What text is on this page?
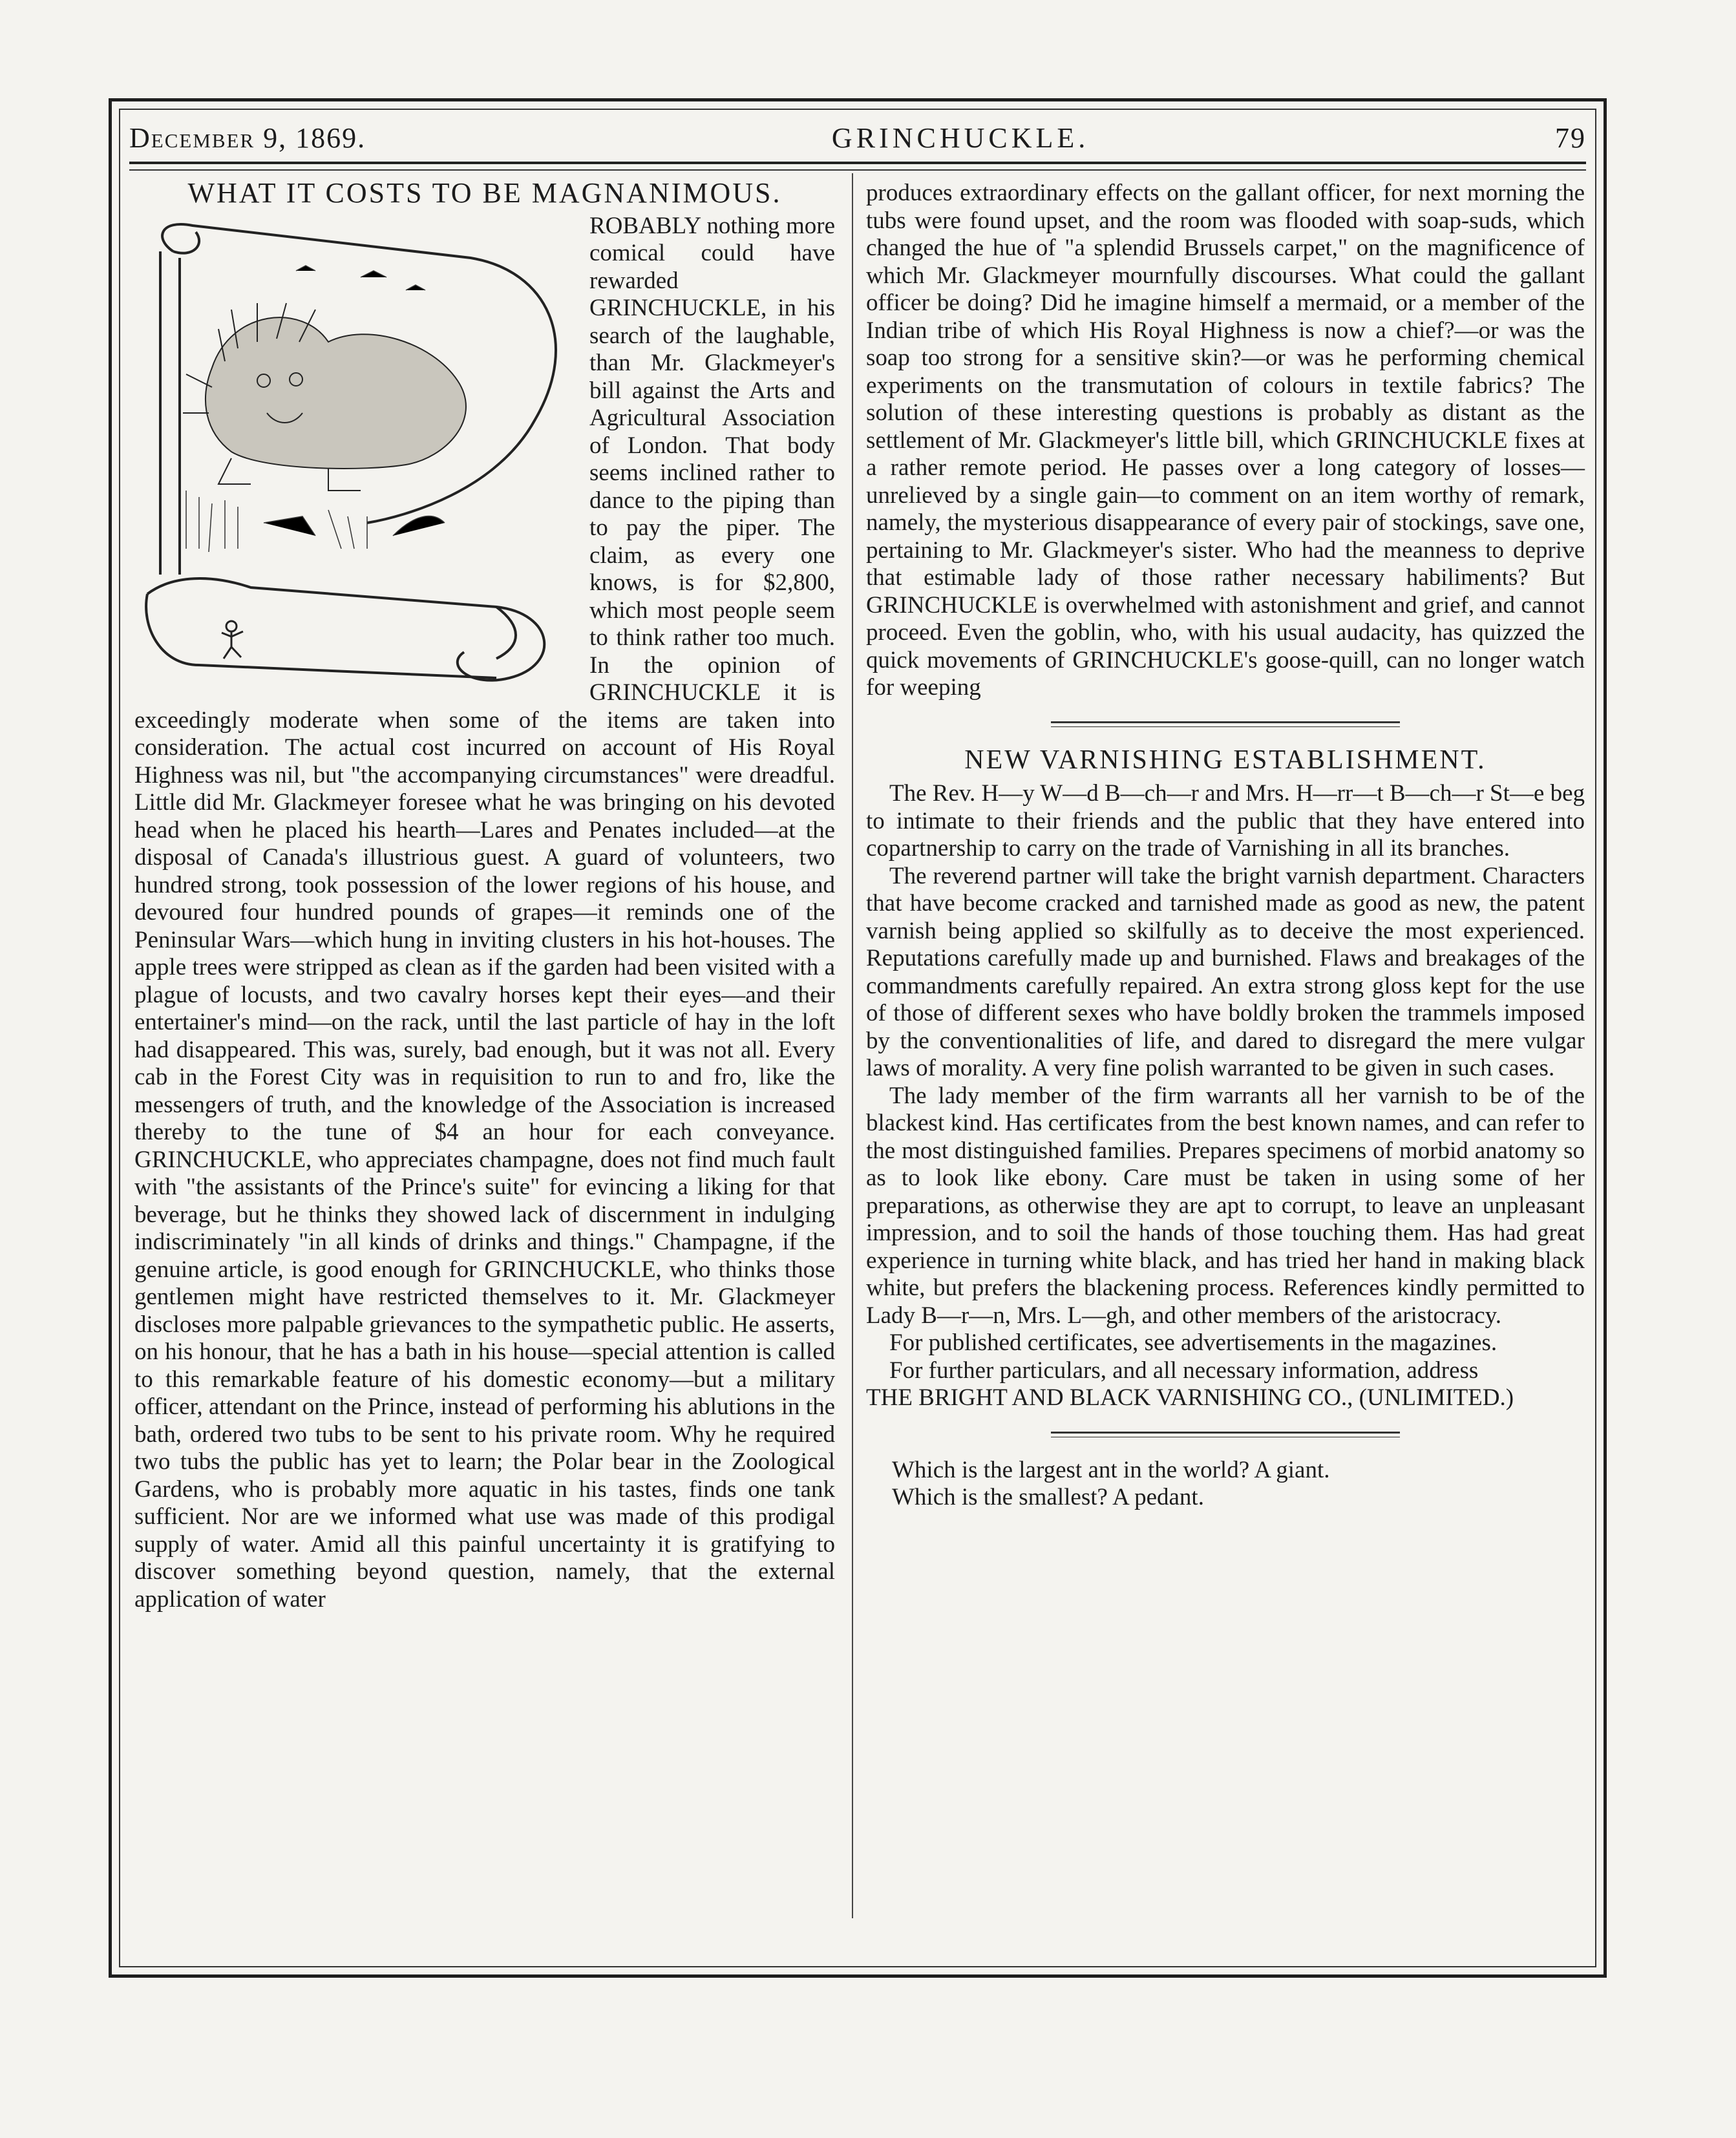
December 9, 1869.	GRINCHUCKLE.	79
WHAT IT COSTS TO BE MAGNANIMOUS.

ROBABLY nothing more comical could have rewarded GRINCHUCKLE, in his search of the laughable, than Mr. Glackmeyer's bill against the Arts and Agricultural Association of London. That body seems inclined rather to dance to the piping than to pay the piper. The claim, as every one knows, is for $2,800, which most people seem to think rather too much. In the opinion of GRINCHUCKLE it is exceedingly moderate when some of the items are taken into consideration. The actual cost incurred on account of His Royal Highness was nil, but "the accompanying circumstances" were dreadful. Little did Mr. Glackmeyer foresee what he was bringing on his devoted head when he placed his hearth—Lares and Penates included—at the disposal of Canada's illustrious guest. A guard of volunteers, two hundred strong, took possession of the lower regions of his house, and devoured four hundred pounds of grapes—it reminds one of the Peninsular Wars—which hung in inviting clusters in his hot-houses. The apple trees were stripped as clean as if the garden had been visited with a plague of locusts, and two cavalry horses kept their eyes—and their entertainer's mind—on the rack, until the last particle of hay in the loft had disappeared. This was, surely, bad enough, but it was not all. Every cab in the Forest City was in requisition to run to and fro, like the messengers of truth, and the knowledge of the Association is increased thereby to the tune of $4 an hour for each conveyance. GRINCHUCKLE, who appreciates champagne, does not find much fault with "the assistants of the Prince's suite" for evincing a liking for that beverage, but he thinks they showed lack of discernment in indulging indiscriminately "in all kinds of drinks and things." Champagne, if the genuine article, is good enough for GRINCHUCKLE, who thinks those gentlemen might have restricted themselves to it. Mr. Glackmeyer discloses more palpable grievances to the sympathetic public. He asserts, on his honour, that he has a bath in his house—special attention is called to this remarkable feature of his domestic economy—but a military officer, attendant on the Prince, instead of performing his ablutions in the bath, ordered two tubs to be sent to his private room. Why he required two tubs the public has yet to learn; the Polar bear in the Zoological Gardens, who is probably more aquatic in his tastes, finds one tank sufficient. Nor are we informed what use was made of this prodigal supply of water. Amid all this painful uncertainty it is gratifying to discover something beyond question, namely, that the external application of water

produces extraordinary effects on the gallant officer, for next morning the tubs were found upset, and the room was flooded with soap-suds, which changed the hue of "a splendid Brussels carpet," on the magnificence of which Mr. Glackmeyer mournfully discourses. What could the gallant officer be doing? Did he imagine himself a mermaid, or a member of the Indian tribe of which His Royal Highness is now a chief?—or was the soap too strong for a sensitive skin?—or was he performing chemical experiments on the transmutation of colours in textile fabrics? The solution of these interesting questions is probably as distant as the settlement of Mr. Glackmeyer's little bill, which GRINCHUCKLE fixes at a rather remote period. He passes over a long category of losses—unrelieved by a single gain—to comment on an item worthy of remark, namely, the mysterious disappearance of every pair of stockings, save one, pertaining to Mr. Glackmeyer's sister. Who had the meanness to deprive that estimable lady of those rather necessary habiliments? But GRINCHUCKLE is overwhelmed with astonishment and grief, and cannot proceed. Even the goblin, who, with his usual audacity, has quizzed the quick movements of GRINCHUCKLE's goose-quill, can no longer watch for weeping

NEW VARNISHING ESTABLISHMENT.

The Rev. H—y W—d B—ch—r and Mrs. H—rr—t B—ch—r St—e beg to intimate to their friends and the public that they have entered into copartnership to carry on the trade of Varnishing in all its branches.

The reverend partner will take the bright varnish department. Characters that have become cracked and tarnished made as good as new, the patent varnish being applied so skilfully as to deceive the most experienced. Reputations carefully made up and burnished. Flaws and breakages of the commandments carefully repaired. An extra strong gloss kept for the use of those of different sexes who have boldly broken the trammels imposed by the conventionalities of life, and dared to disregard the mere vulgar laws of morality. A very fine polish warranted to be given in such cases.

The lady member of the firm warrants all her varnish to be of the blackest kind. Has certificates from the best known names, and can refer to the most distinguished families. Prepares specimens of morbid anatomy so as to look like ebony. Care must be taken in using some of her preparations, as otherwise they are apt to corrupt, to leave an unpleasant impression, and to soil the hands of those touching them. Has had great experience in turning white black, and has tried her hand in making black white, but prefers the blackening process. References kindly permitted to Lady B—r—n, Mrs. L—gh, and other members of the aristocracy.

For published certificates, see advertisements in the magazines.

For further particulars, and all necessary information, address

THE BRIGHT AND BLACK VARNISHING CO., (UNLIMITED.)

Which is the largest ant in the world? A giant.

Which is the smallest? A pedant.
